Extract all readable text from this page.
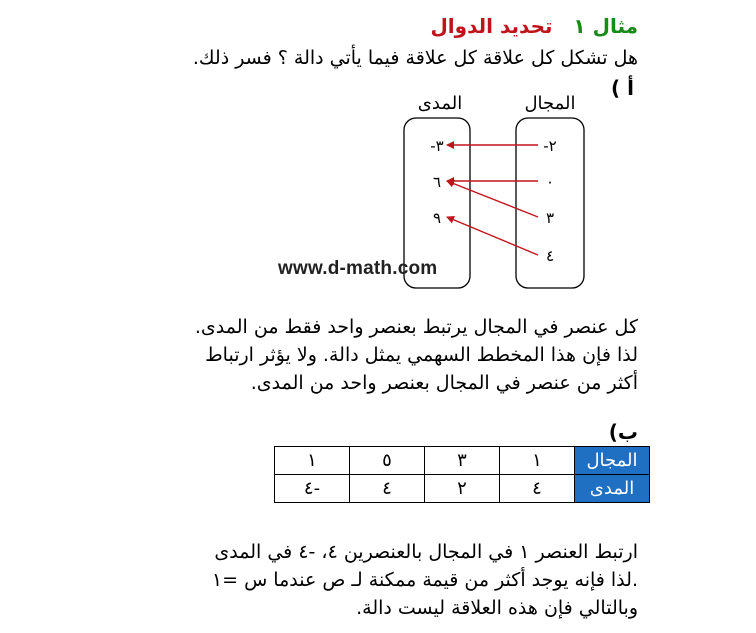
مثال ١   تحديد الدوال
هل تشكل كل علاقة كل علاقة فيما يأتي دالة ؟ فسر ذلك.
أ )
المدى	المجال
-٣
٦
٩
-٢
٠
٣
٤
www.d-math.com
كل عنصر في المجال يرتبط بعنصر واحد فقط من المدى.
لذا فإن هذا المخطط السهمي يمثل دالة. ولا يؤثر ارتباط
أكثر من عنصر في المجال بعنصر واحد من المدى.
ب)
المجال	١	٣	٥	١
المدى	٤	٢	٤	-٤
ارتبط العنصر ١ في المجال بالعنصرين ٤، -٤ في المدى
.لذا فإنه يوجد أكثر من قيمة ممكنة لـ ص عندما س =١
وبالتالي فإن هذه العلاقة ليست دالة.
